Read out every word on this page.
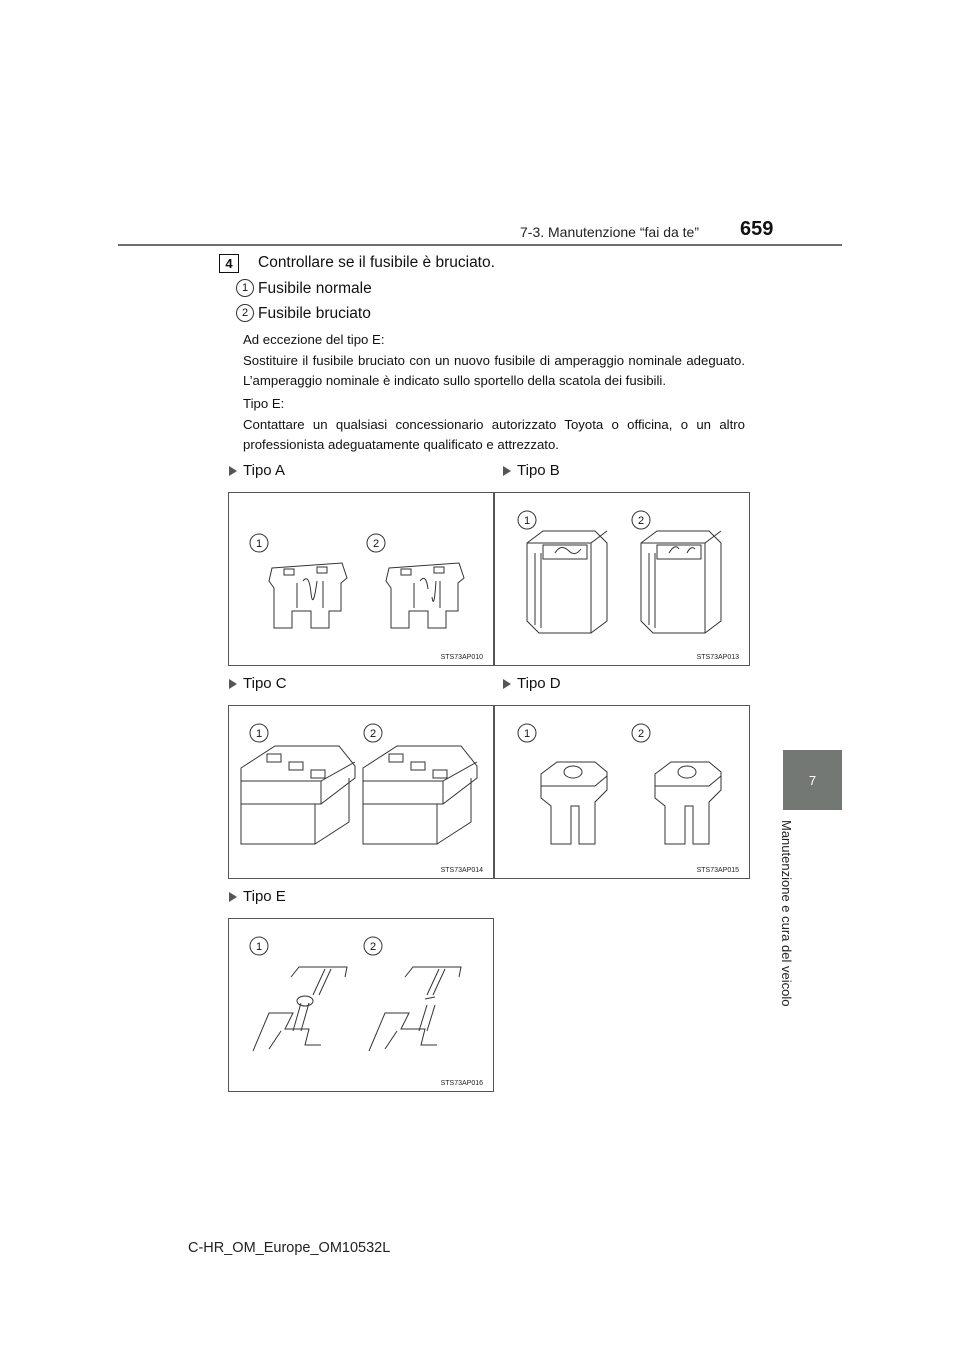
7-3. Manutenzione “fai da te” 659
7
Manutenzione e cura del veicolo
4 Controllare se il fusibile è bruciato.
1 Fusibile normale
2 Fusibile bruciato

Ad eccezione del tipo E:

Sostituire il fusibile bruciato con un nuovo fusibile di amperaggio nominale adeguato. L’amperaggio nominale è indicato sullo sportello della scatola dei fusibili.

Tipo E:

Contattare un qualsiasi concessionario autorizzato Toyota o officina, o un altro professionista adeguatamente qualificato e attrezzato.

Tipo A	Tipo B
Tipo C	Tipo D
Tipo E
1	2
STS73AP010
1	2
STS73AP013
1	2
STS73AP014
1	2
STS73AP015
1	2
STS73AP016
C-HR_OM_Europe_OM10532L
